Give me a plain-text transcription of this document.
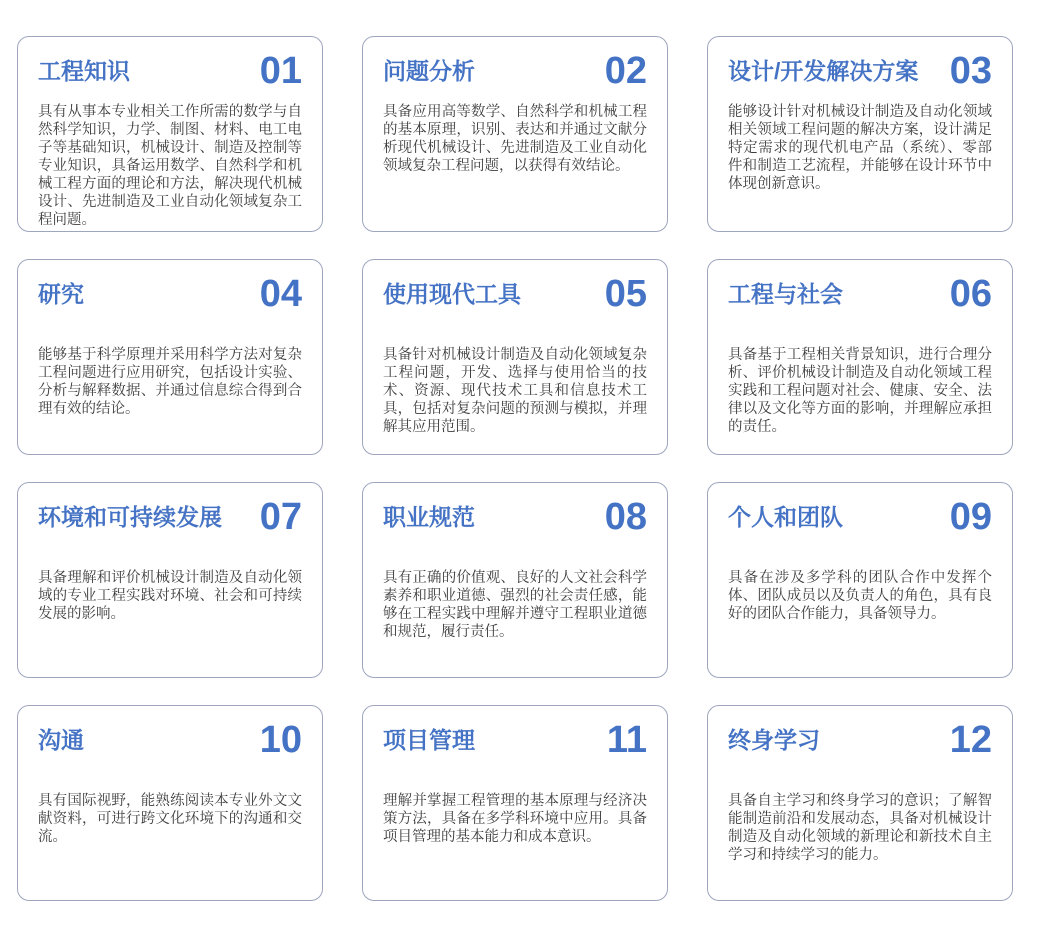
工程知识	01

具有从事本专业相关工作所需的数学与自然科学知识，力学、制图、材料、电工电子等基础知识，机械设计、制造及控制等专业知识，具备运用数学、自然科学和机械工程方面的理论和方法，解决现代机械设计、先进制造及工业自动化领域复杂工程问题。

问题分析	02

具备应用高等数学、自然科学和机械工程的基本原理，识别、表达和并通过文献分析现代机械设计、先进制造及工业自动化领域复杂工程问题，以获得有效结论。

设计/开发解决方案 03

能够设计针对机械设计制造及自动化领域相关领域工程问题的解决方案，设计满足特定需求的现代机电产品（系统）、零部件和制造工艺流程，并能够在设计环节中体现创新意识。

研究	04

能够基于科学原理并采用科学方法对复杂工程问题进行应用研究，包括设计实验、分析与解释数据、并通过信息综合得到合理有效的结论。

使用现代工具 05

具备针对机械设计制造及自动化领域复杂工程问题，开发、选择与使用恰当的技术、资源、现代技术工具和信息技术工具，包括对复杂问题的预测与模拟，并理解其应用范围。

工程与社会	06

具备基于工程相关背景知识，进行合理分析、评价机械设计制造及自动化领域工程实践和工程问题对社会、健康、安全、法律以及文化等方面的影响，并理解应承担的责任。

环境和可持续发展 07

具备理解和评价机械设计制造及自动化领域的专业工程实践对环境、社会和可持续发展的影响。

职业规范	08

具有正确的价值观、良好的人文社会科学素养和职业道德、强烈的社会责任感，能够在工程实践中理解并遵守工程职业道德和规范，履行责任。

个人和团队	09

具备在涉及多学科的团队合作中发挥个体、团队成员以及负责人的角色，具有良好的团队合作能力，具备领导力。

沟通	10

具有国际视野，能熟练阅读本专业外文文献资料，可进行跨文化环境下的沟通和交流。

项目管理	11

理解并掌握工程管理的基本原理与经济决策方法，具备在多学科环境中应用。具备项目管理的基本能力和成本意识。

终身学习	12

具备自主学习和终身学习的意识；了解智能制造前沿和发展动态，具备对机械设计制造及自动化领域的新理论和新技术自主学习和持续学习的能力。
